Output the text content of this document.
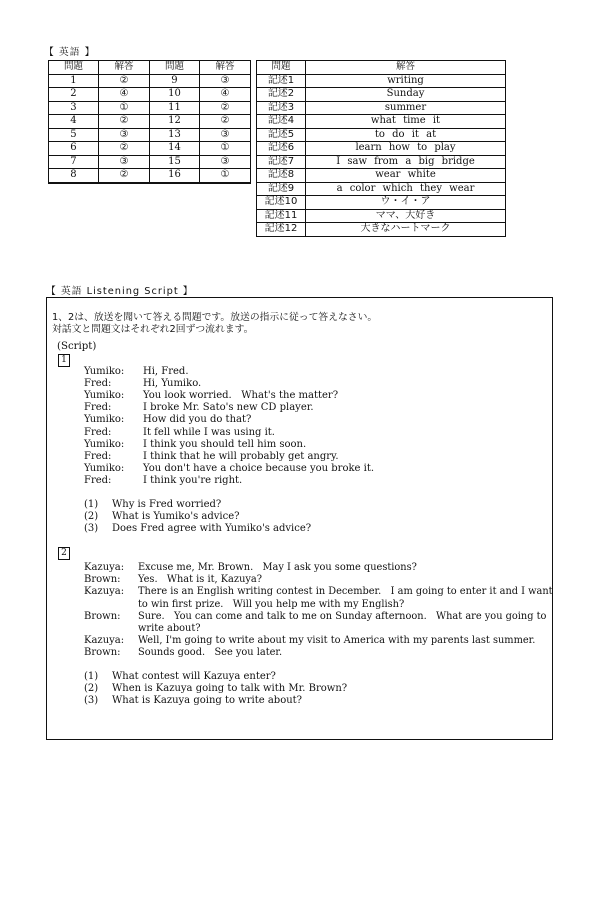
【 英語 】
問題	解答	問題	解答
1	②	9	③
2	④	10	④
3	①	11	②
4	②	12	②
5	③	13	③
6	②	14	①
7	③	15	③
8	②	16	①
問題	解答
記述1	writing
記述2	Sunday
記述3	summer
記述4	what time it
記述5	to do it at
記述6	learn how to play
記述7	I saw from a big bridge
記述8	wear white
記述9	a color which they wear
記述10	ウ・イ・ア
記述11	ママ、大好き
記述12	大きなハートマーク
【 英語 Listening Script 】
1、2は、放送を聞いて答える問題です。放送の指示に従って答えなさい。
対話文と問題文はそれぞれ2回ずつ流れます。
(Script)
1
Yumiko: Hi, Fred.
Fred:	Hi, Yumiko.
Yumiko: You look worried.   What's the matter?
Fred:	I broke Mr. Sato's new CD player.
Yumiko: How did you do that?
Fred:	It fell while I was using it.
Yumiko: I think you should tell him soon.
Fred:	I think that he will probably get angry.
Yumiko: You don't have a choice because you broke it.
Fred:	I think you're right.
(1) Why is Fred worried?
(2) What is Yumiko's advice?
(3) Does Fred agree with Yumiko's advice?
2
Kazuya: Excuse me, Mr. Brown.   May I ask you some questions?
Brown: Yes.   What is it, Kazuya?
Kazuya: There is an English writing contest in December.   I am going to enter it and I want
to win first prize.   Will you help me with my English?
Brown: Sure.   You can come and talk to me on Sunday afternoon.   What are you going to
write about?
Kazuya: Well, I'm going to write about my visit to America with my parents last summer.
Brown: Sounds good.   See you later.
(1) What contest will Kazuya enter?
(2) When is Kazuya going to talk with Mr. Brown?
(3) What is Kazuya going to write about?
